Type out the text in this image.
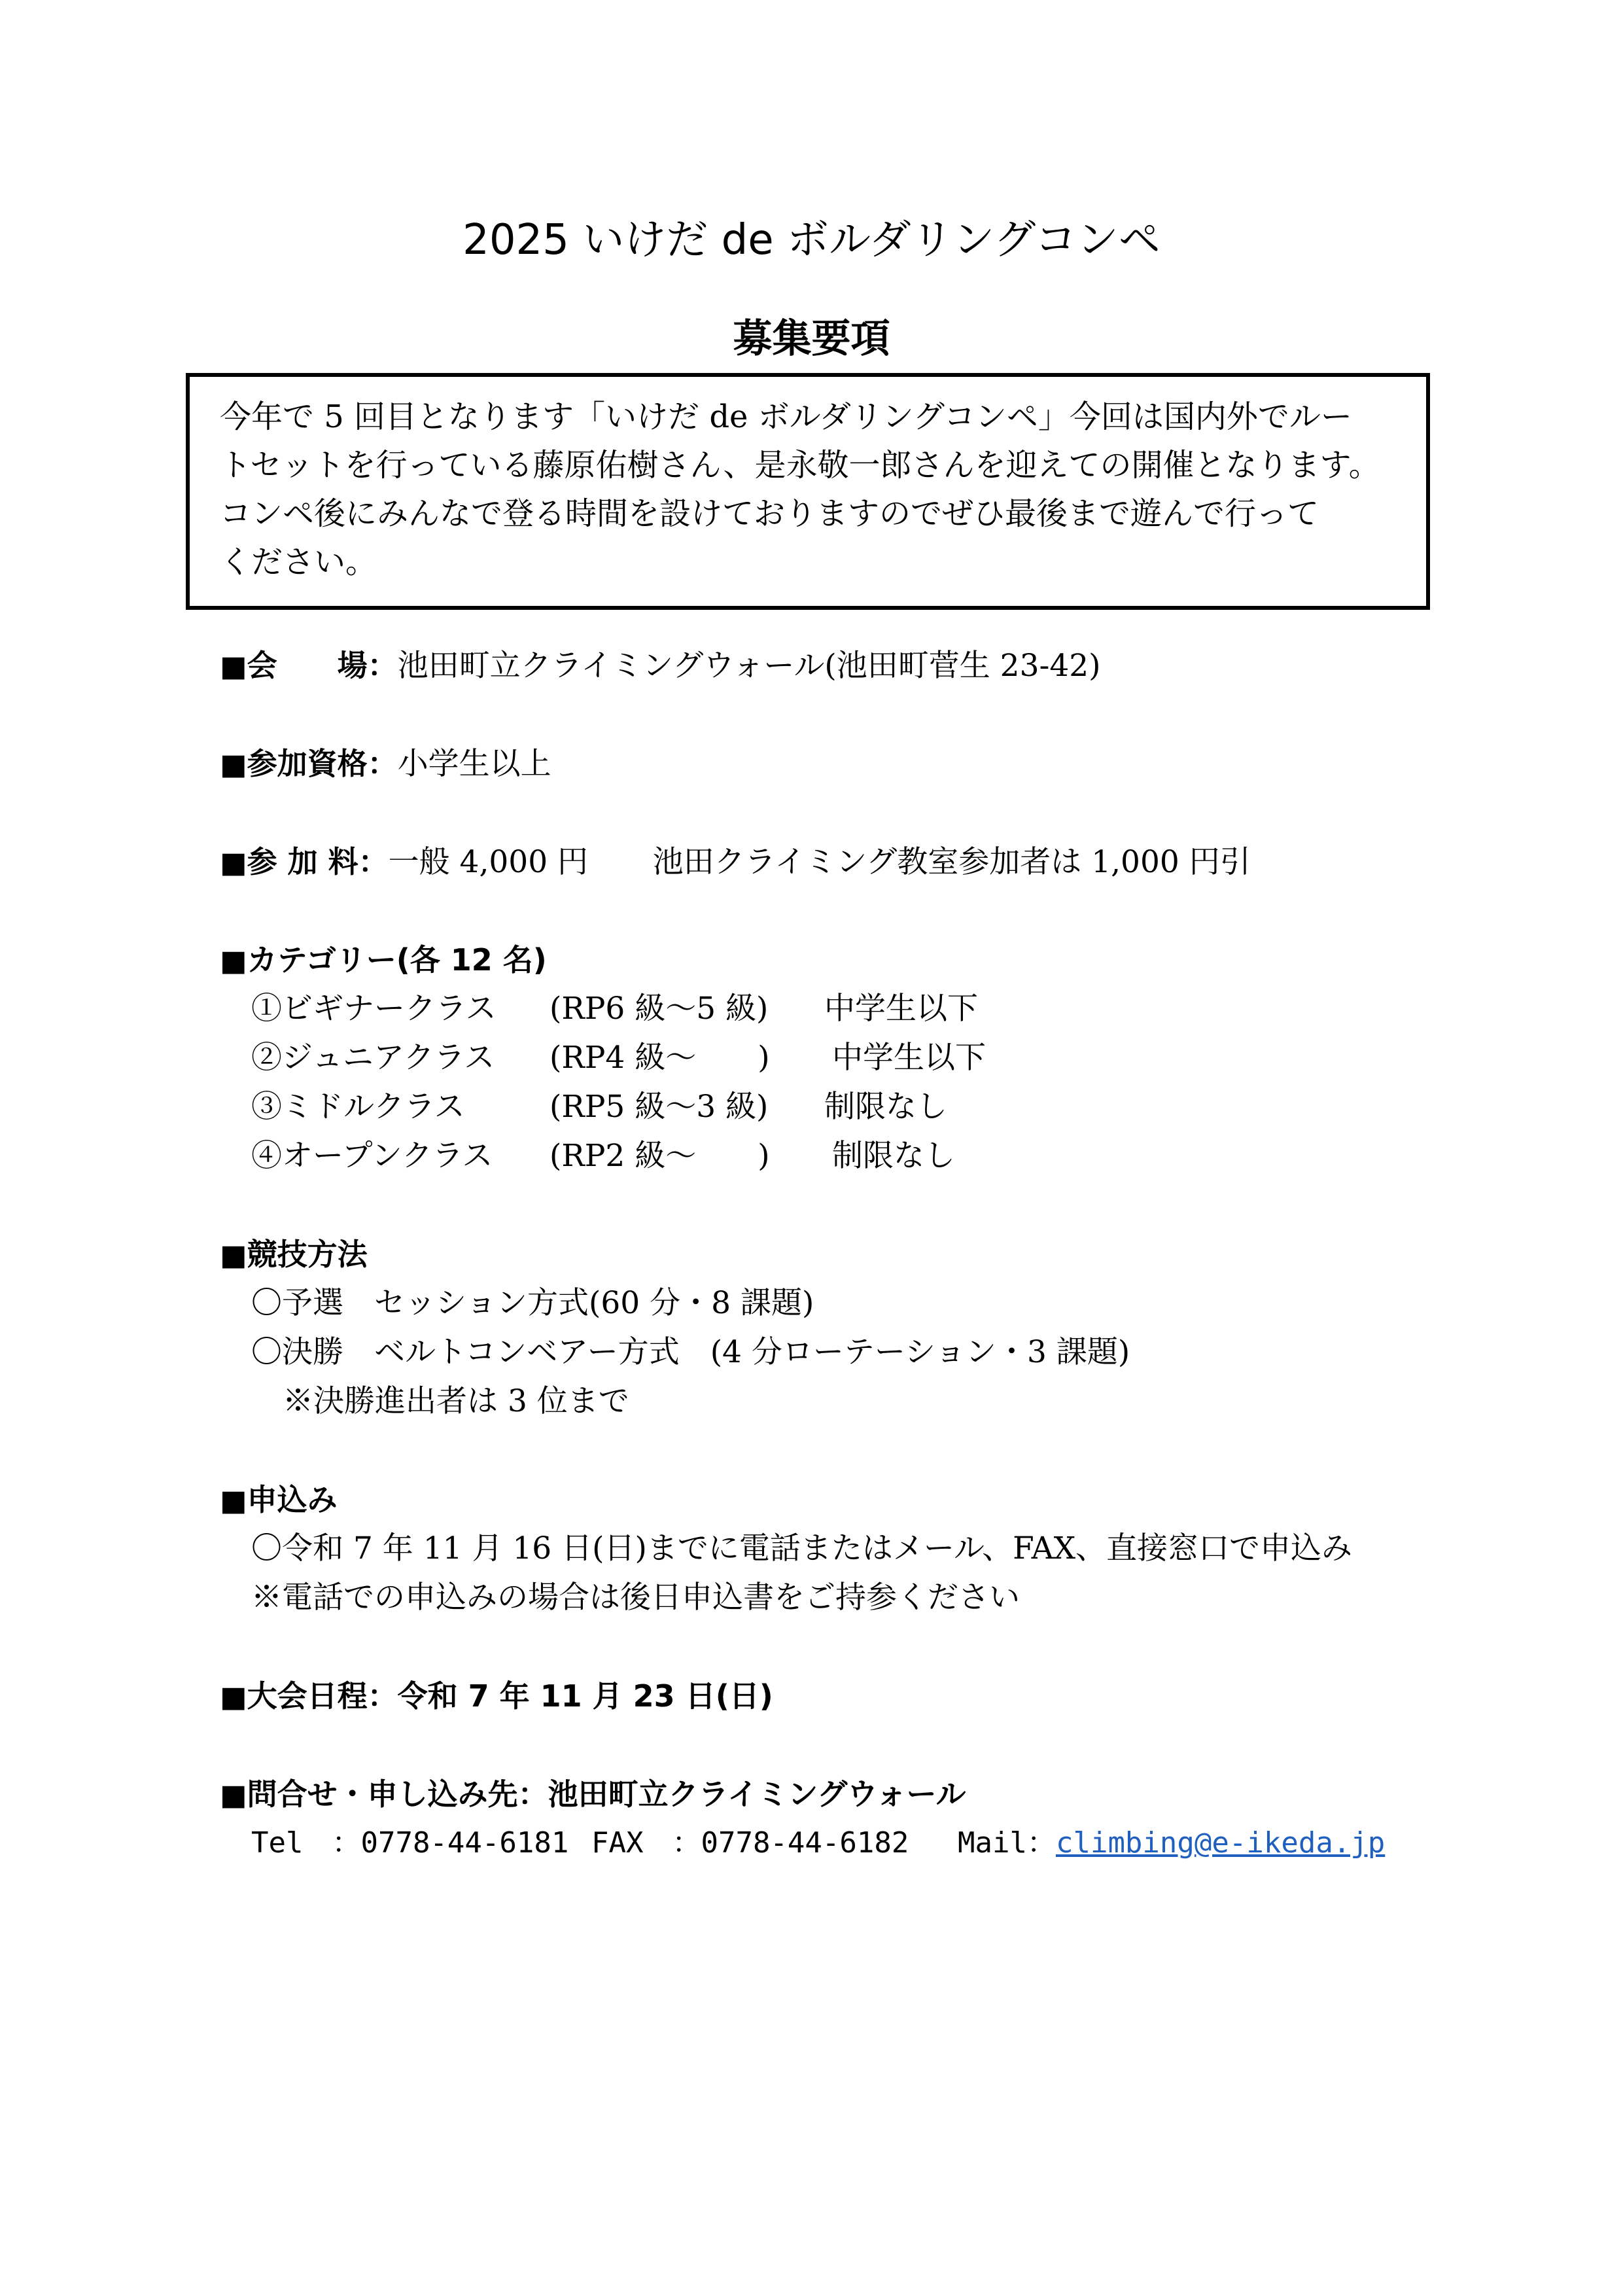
2025 いけだ de ボルダリングコンペ
募集要項
今年で 5 回目となります「いけだ de ボルダリングコンペ」今回は国内外でルー
トセットを行っている藤原佑樹さん、是永敬一郎さんを迎えての開催となります。
コンペ後にみんなで登る時間を設けておりますのでぜひ最後まで遊んで行って
ください。
■会　　場：池田町立クライミングウォール(池田町菅生 23-42)
■参加資格：小学生以上
■参 加 料：一般 4,000 円 池田クライミング教室参加者は 1,000 円引
■カテゴリー(各 12 名)
①ビギナークラス (RP6 級～5 級) 中学生以下
②ジュニアクラス (RP4 級～　　) 中学生以下
③ミドルクラス	(RP5 級～3 級) 制限なし
④オープンクラス (RP2 級～　　) 制限なし
■競技方法
〇予選　セッション方式(60 分・8 課題)
〇決勝　ベルトコンベアー方式　(4 分ローテーション・3 課題)
※決勝進出者は 3 位まで
■申込み
〇令和 7 年 11 月 16 日(日)までに電話またはメール、FAX、直接窓口で申込み
※電話での申込みの場合は後日申込書をご持参ください
■大会日程：令和 7 年 11 月 23 日(日)
■問合せ・申し込み先：池田町立クライミングウォール
Tel　：0778-44-6181 FAX　：0778-44-6182 Mail：climbing@e-ikeda.jp
